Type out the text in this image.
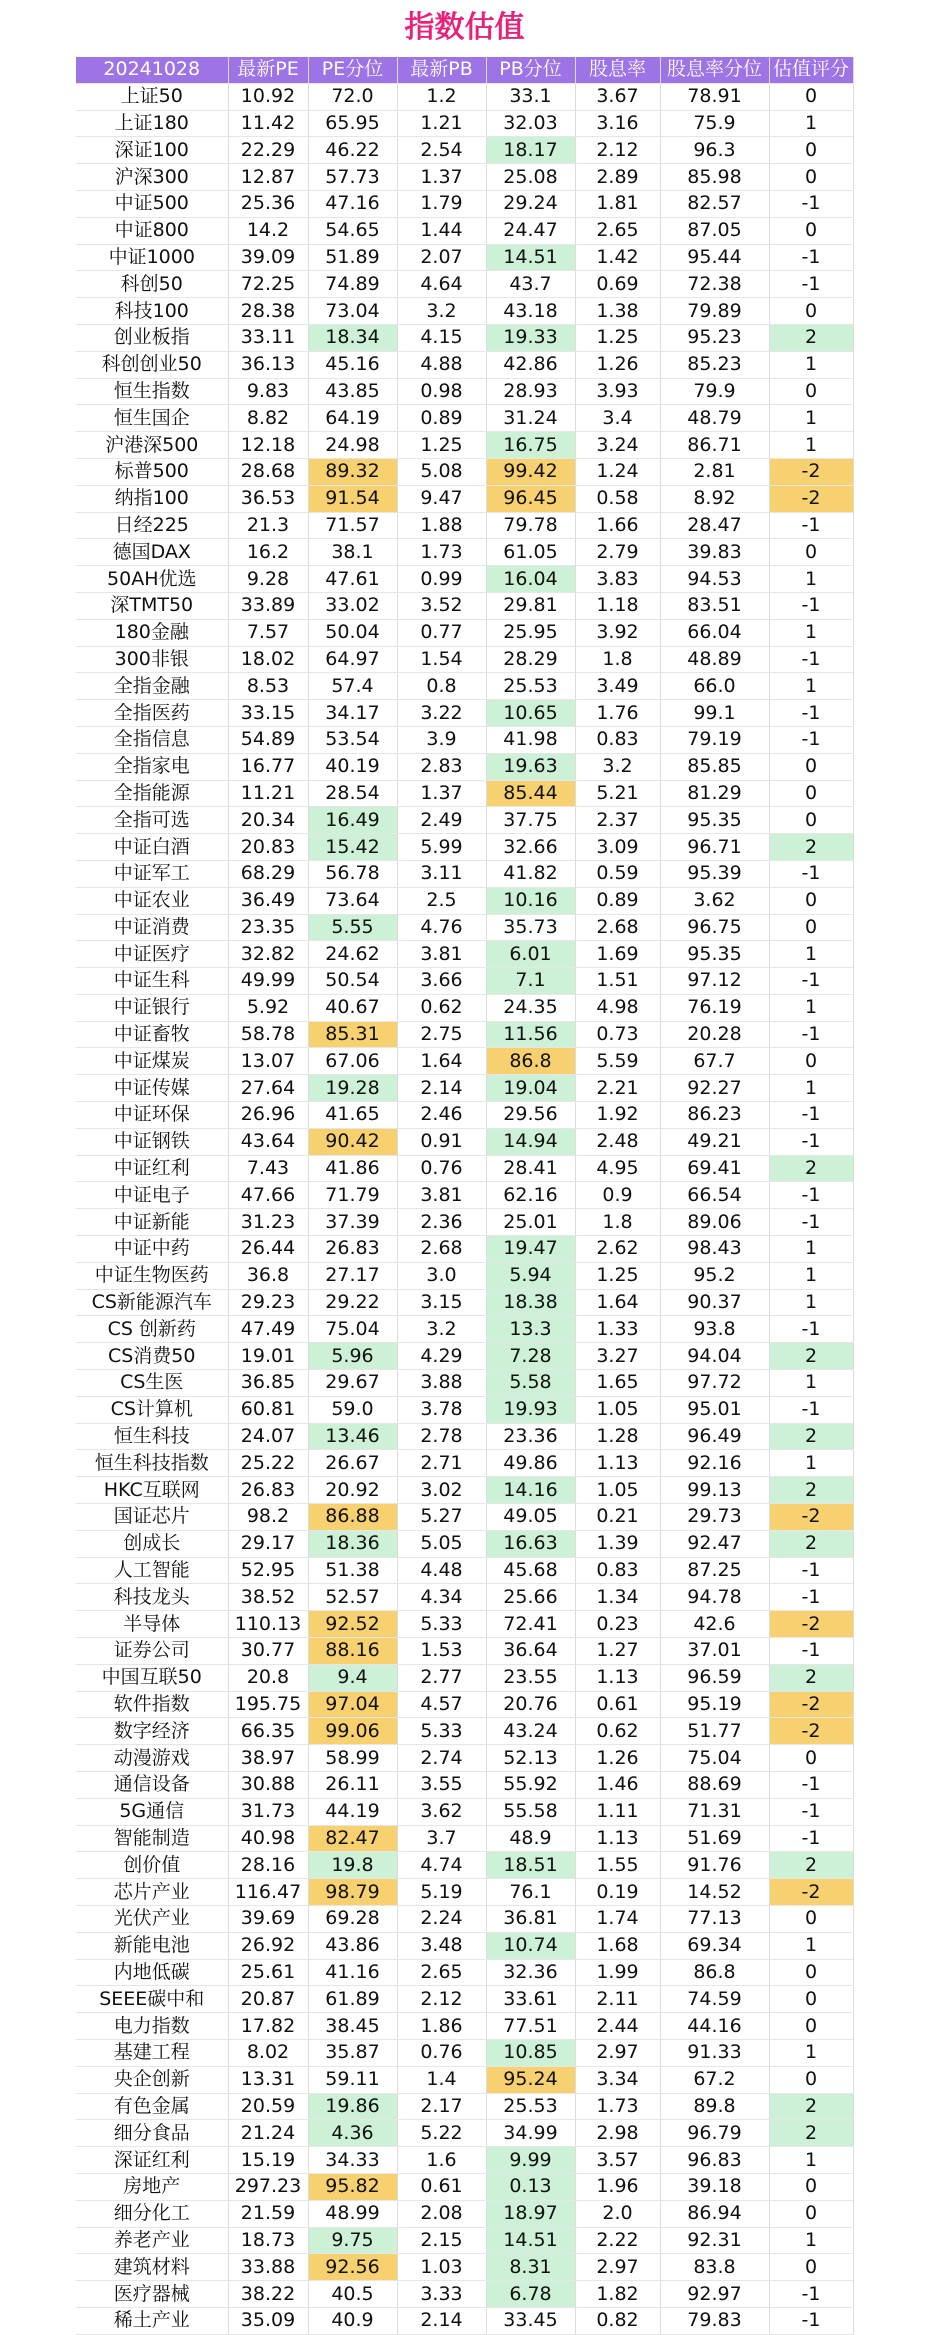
指数估值
20241028	最新PE	PE分位	最新PB	PB分位	股息率	股息率分位	估值评分
上证50	10.92	72.0	1.2	33.1	3.67	78.91	0
上证180	11.42	65.95	1.21	32.03	3.16	75.9	1
深证100	22.29	46.22	2.54	18.17	2.12	96.3	0
沪深300	12.87	57.73	1.37	25.08	2.89	85.98	0
中证500	25.36	47.16	1.79	29.24	1.81	82.57	-1
中证800	14.2	54.65	1.44	24.47	2.65	87.05	0
中证1000	39.09	51.89	2.07	14.51	1.42	95.44	-1
科创50	72.25	74.89	4.64	43.7	0.69	72.38	-1
科技100	28.38	73.04	3.2	43.18	1.38	79.89	0
创业板指	33.11	18.34	4.15	19.33	1.25	95.23	2
科创创业50	36.13	45.16	4.88	42.86	1.26	85.23	1
恒生指数	9.83	43.85	0.98	28.93	3.93	79.9	0
恒生国企	8.82	64.19	0.89	31.24	3.4	48.79	1
沪港深500	12.18	24.98	1.25	16.75	3.24	86.71	1
标普500	28.68	89.32	5.08	99.42	1.24	2.81	-2
纳指100	36.53	91.54	9.47	96.45	0.58	8.92	-2
日经225	21.3	71.57	1.88	79.78	1.66	28.47	-1
德国DAX	16.2	38.1	1.73	61.05	2.79	39.83	0
50AH优选	9.28	47.61	0.99	16.04	3.83	94.53	1
深TMT50	33.89	33.02	3.52	29.81	1.18	83.51	-1
180金融	7.57	50.04	0.77	25.95	3.92	66.04	1
300非银	18.02	64.97	1.54	28.29	1.8	48.89	-1
全指金融	8.53	57.4	0.8	25.53	3.49	66.0	1
全指医药	33.15	34.17	3.22	10.65	1.76	99.1	-1
全指信息	54.89	53.54	3.9	41.98	0.83	79.19	-1
全指家电	16.77	40.19	2.83	19.63	3.2	85.85	0
全指能源	11.21	28.54	1.37	85.44	5.21	81.29	0
全指可选	20.34	16.49	2.49	37.75	2.37	95.35	0
中证白酒	20.83	15.42	5.99	32.66	3.09	96.71	2
中证军工	68.29	56.78	3.11	41.82	0.59	95.39	-1
中证农业	36.49	73.64	2.5	10.16	0.89	3.62	0
中证消费	23.35	5.55	4.76	35.73	2.68	96.75	0
中证医疗	32.82	24.62	3.81	6.01	1.69	95.35	1
中证生科	49.99	50.54	3.66	7.1	1.51	97.12	-1
中证银行	5.92	40.67	0.62	24.35	4.98	76.19	1
中证畜牧	58.78	85.31	2.75	11.56	0.73	20.28	-1
中证煤炭	13.07	67.06	1.64	86.8	5.59	67.7	0
中证传媒	27.64	19.28	2.14	19.04	2.21	92.27	1
中证环保	26.96	41.65	2.46	29.56	1.92	86.23	-1
中证钢铁	43.64	90.42	0.91	14.94	2.48	49.21	-1
中证红利	7.43	41.86	0.76	28.41	4.95	69.41	2
中证电子	47.66	71.79	3.81	62.16	0.9	66.54	-1
中证新能	31.23	37.39	2.36	25.01	1.8	89.06	-1
中证中药	26.44	26.83	2.68	19.47	2.62	98.43	1
中证生物医药	36.8	27.17	3.0	5.94	1.25	95.2	1
CS新能源汽车	29.23	29.22	3.15	18.38	1.64	90.37	1
CS 创新药	47.49	75.04	3.2	13.3	1.33	93.8	-1
CS消费50	19.01	5.96	4.29	7.28	3.27	94.04	2
CS生医	36.85	29.67	3.88	5.58	1.65	97.72	1
CS计算机	60.81	59.0	3.78	19.93	1.05	95.01	-1
恒生科技	24.07	13.46	2.78	23.36	1.28	96.49	2
恒生科技指数	25.22	26.67	2.71	49.86	1.13	92.16	1
HKC互联网	26.83	20.92	3.02	14.16	1.05	99.13	2
国证芯片	98.2	86.88	5.27	49.05	0.21	29.73	-2
创成长	29.17	18.36	5.05	16.63	1.39	92.47	2
人工智能	52.95	51.38	4.48	45.68	0.83	87.25	-1
科技龙头	38.52	52.57	4.34	25.66	1.34	94.78	-1
半导体	110.13	92.52	5.33	72.41	0.23	42.6	-2
证券公司	30.77	88.16	1.53	36.64	1.27	37.01	-1
中国互联50	20.8	9.4	2.77	23.55	1.13	96.59	2
软件指数	195.75	97.04	4.57	20.76	0.61	95.19	-2
数字经济	66.35	99.06	5.33	43.24	0.62	51.77	-2
动漫游戏	38.97	58.99	2.74	52.13	1.26	75.04	0
通信设备	30.88	26.11	3.55	55.92	1.46	88.69	-1
5G通信	31.73	44.19	3.62	55.58	1.11	71.31	-1
智能制造	40.98	82.47	3.7	48.9	1.13	51.69	-1
创价值	28.16	19.8	4.74	18.51	1.55	91.76	2
芯片产业	116.47	98.79	5.19	76.1	0.19	14.52	-2
光伏产业	39.69	69.28	2.24	36.81	1.74	77.13	0
新能电池	26.92	43.86	3.48	10.74	1.68	69.34	1
内地低碳	25.61	41.16	2.65	32.36	1.99	86.8	0
SEEE碳中和	20.87	61.89	2.12	33.61	2.11	74.59	0
电力指数	17.82	38.45	1.86	77.51	2.44	44.16	0
基建工程	8.02	35.87	0.76	10.85	2.97	91.33	1
央企创新	13.31	59.11	1.4	95.24	3.34	67.2	0
有色金属	20.59	19.86	2.17	25.53	1.73	89.8	2
细分食品	21.24	4.36	5.22	34.99	2.98	96.79	2
深证红利	15.19	34.33	1.6	9.99	3.57	96.83	1
房地产	297.23	95.82	0.61	0.13	1.96	39.18	0
细分化工	21.59	48.99	2.08	18.97	2.0	86.94	0
养老产业	18.73	9.75	2.15	14.51	2.22	92.31	1
建筑材料	33.88	92.56	1.03	8.31	2.97	83.8	0
医疗器械	38.22	40.5	3.33	6.78	1.82	92.97	-1
稀土产业	35.09	40.9	2.14	33.45	0.82	79.83	-1
